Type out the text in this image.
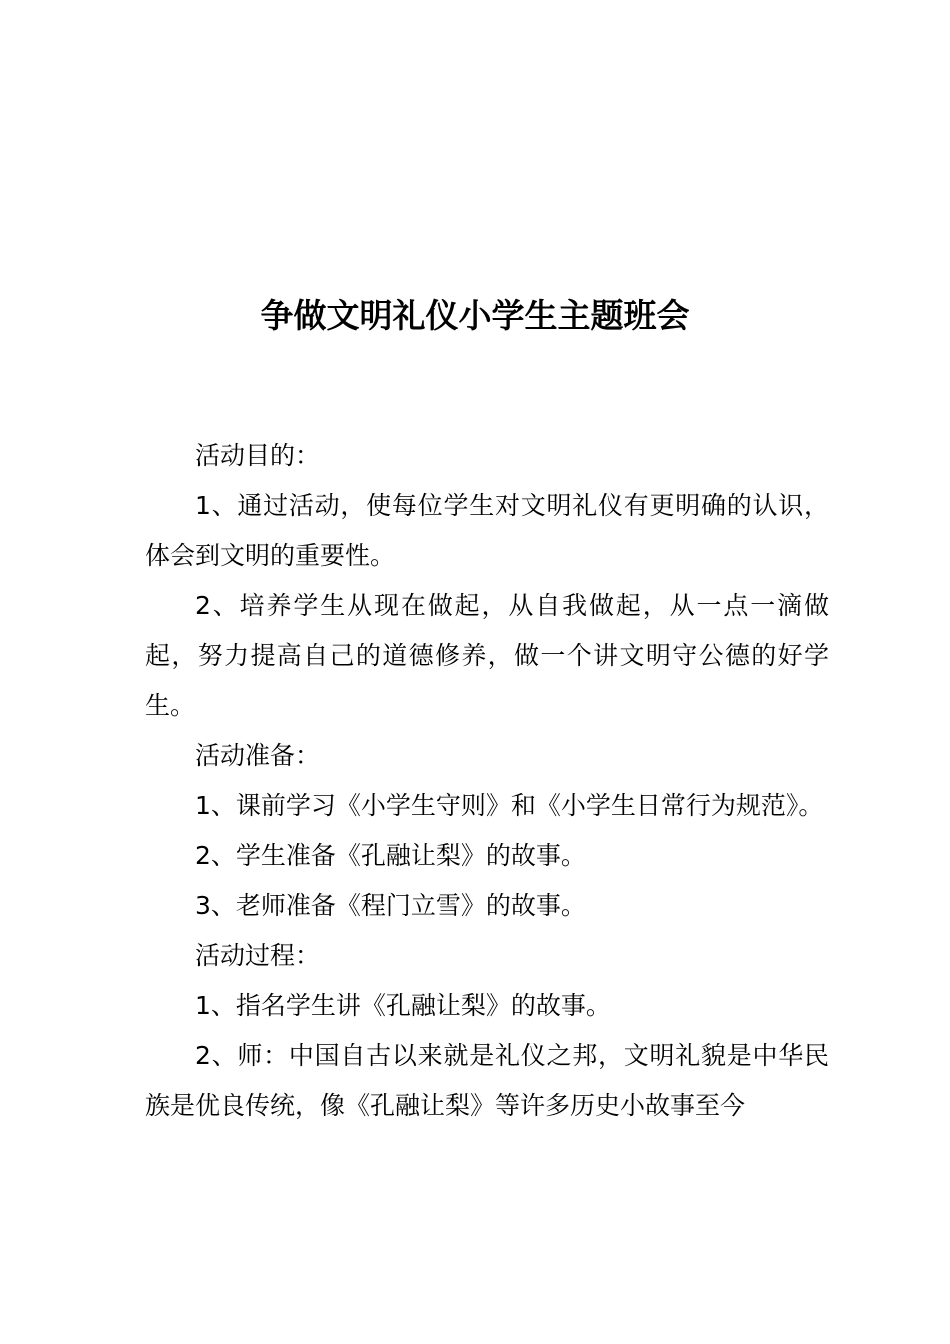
争做文明礼仪小学生主题班会

活动目的：

1、通过活动，使每位学生对文明礼仪有更明确的认识，体会到文明的重要性。

2、培养学生从现在做起，从自我做起，从一点一滴做起，努力提高自己的道德修养，做一个讲文明守公德的好学生。

活动准备：

1、课前学习《小学生守则》和《小学生日常行为规范》。

2、学生准备《孔融让梨》的故事。

3、老师准备《程门立雪》的故事。

活动过程：

1、指名学生讲《孔融让梨》的故事。

2、师：中国自古以来就是礼仪之邦，文明礼貌是中华民族是优良传统，像《孔融让梨》等许多历史小故事至今
